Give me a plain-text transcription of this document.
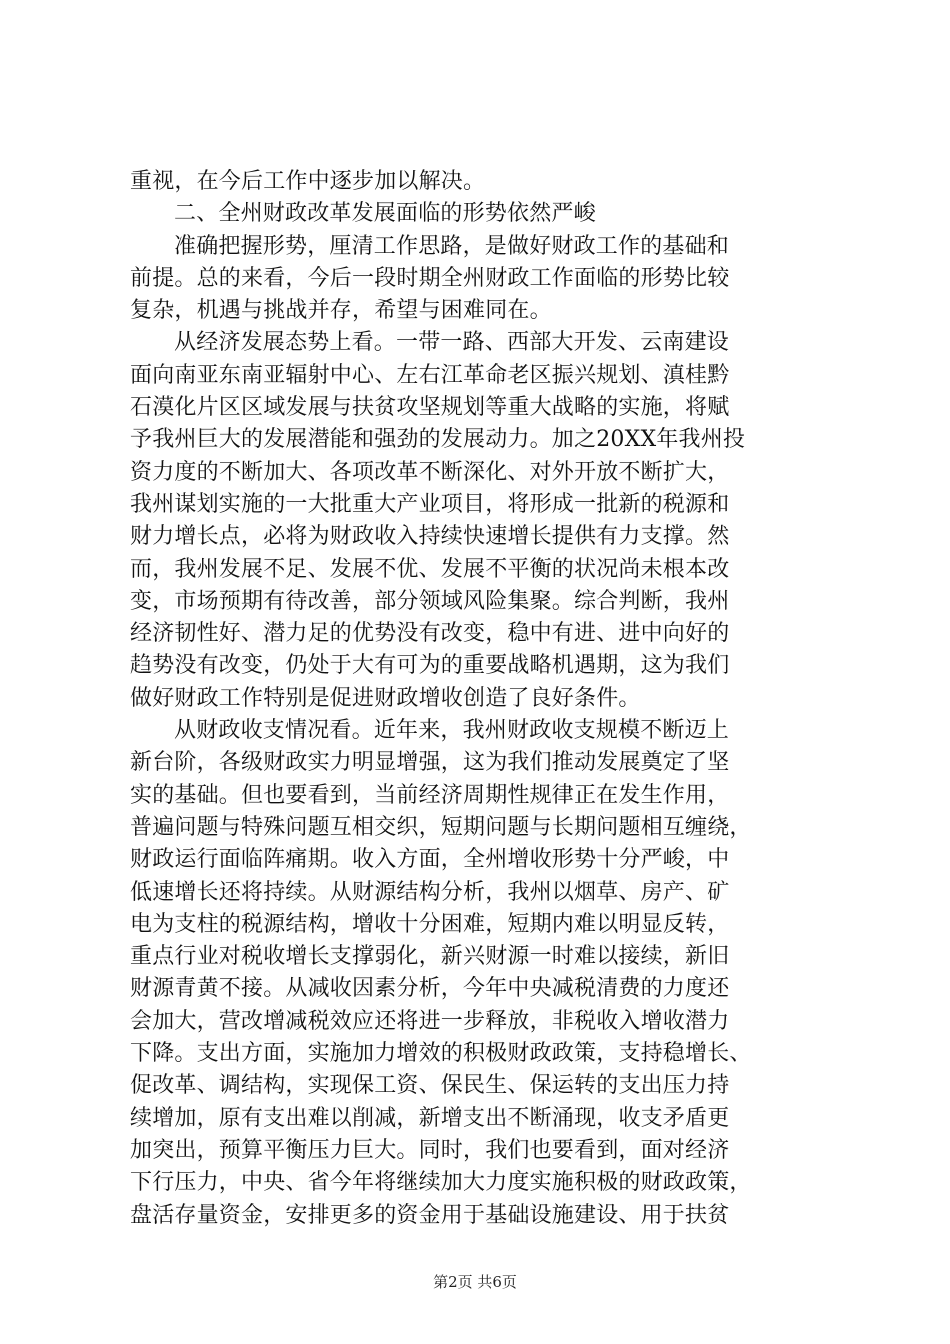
重视，在今后工作中逐步加以解决。
二、全州财政改革发展面临的形势依然严峻
准确把握形势，厘清工作思路，是做好财政工作的基础和
前提。总的来看，今后一段时期全州财政工作面临的形势比较
复杂，机遇与挑战并存，希望与困难同在。
从经济发展态势上看。一带一路、西部大开发、云南建设
面向南亚东南亚辐射中心、左右江革命老区振兴规划、滇桂黔
石漠化片区区域发展与扶贫攻坚规划等重大战略的实施，将赋
予我州巨大的发展潜能和强劲的发展动力。加之20XX年我州投
资力度的不断加大、各项改革不断深化、对外开放不断扩大，
我州谋划实施的一大批重大产业项目，将形成一批新的税源和
财力增长点，必将为财政收入持续快速增长提供有力支撑。然
而，我州发展不足、发展不优、发展不平衡的状况尚未根本改
变，市场预期有待改善，部分领域风险集聚。综合判断，我州
经济韧性好、潜力足的优势没有改变，稳中有进、进中向好的
趋势没有改变，仍处于大有可为的重要战略机遇期，这为我们
做好财政工作特别是促进财政增收创造了良好条件。
从财政收支情况看。近年来，我州财政收支规模不断迈上
新台阶，各级财政实力明显增强，这为我们推动发展奠定了坚
实的基础。但也要看到，当前经济周期性规律正在发生作用，
普遍问题与特殊问题互相交织，短期问题与长期问题相互缠绕，
财政运行面临阵痛期。收入方面，全州增收形势十分严峻，中
低速增长还将持续。从财源结构分析，我州以烟草、房产、矿
电为支柱的税源结构，增收十分困难，短期内难以明显反转，
重点行业对税收增长支撑弱化，新兴财源一时难以接续，新旧
财源青黄不接。从减收因素分析，今年中央减税清费的力度还
会加大，营改增减税效应还将进一步释放，非税收入增收潜力
下降。支出方面，实施加力增效的积极财政政策，支持稳增长、
促改革、调结构，实现保工资、保民生、保运转的支出压力持
续增加，原有支出难以削减，新增支出不断涌现，收支矛盾更
加突出，预算平衡压力巨大。同时，我们也要看到，面对经济
下行压力，中央、省今年将继续加大力度实施积极的财政政策，
盘活存量资金，安排更多的资金用于基础设施建设、用于扶贫
第2页 共6页
